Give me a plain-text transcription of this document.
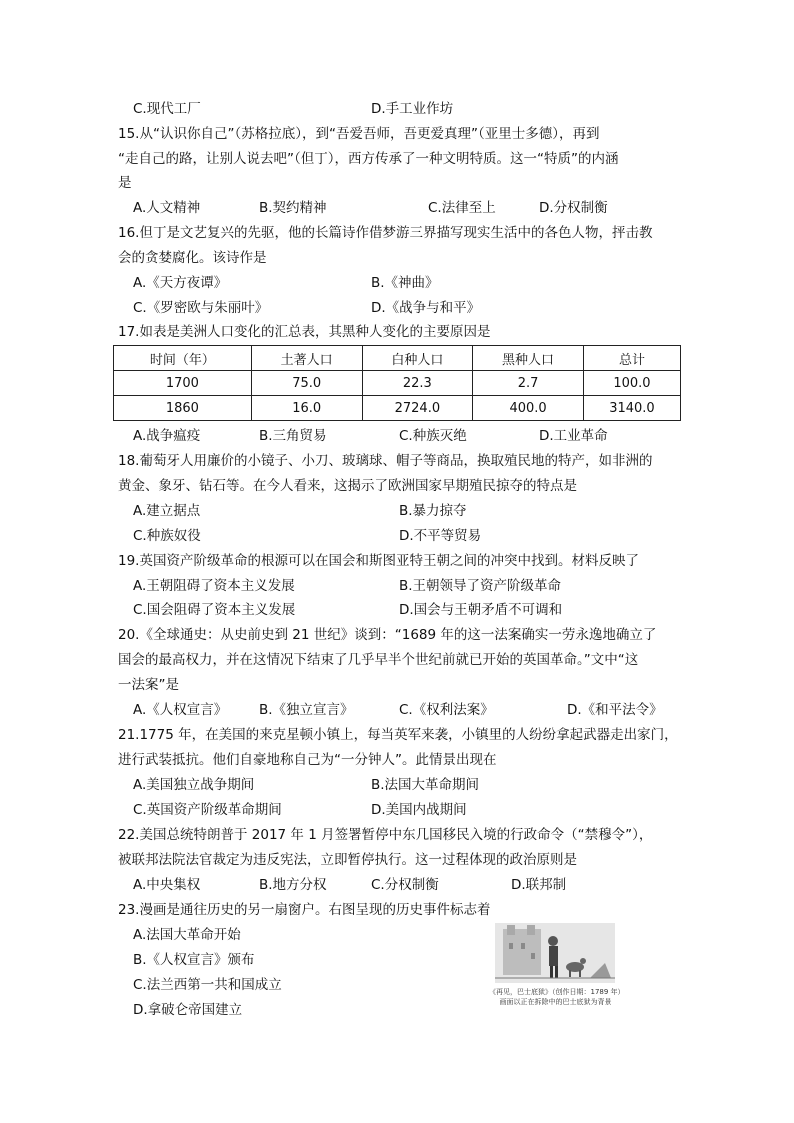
C.现代工厂	D.手工业作坊
15.从“认识你自己”（苏格拉底），到“吾爱吾师，吾更爱真理”（亚里士多德），再到
“走自己的路，让别人说去吧”（但丁），西方传承了一种文明特质。这一“特质”的内涵
是
A.人文精神	B.契约精神	C.法律至上	D.分权制衡
16.但丁是文艺复兴的先驱，他的长篇诗作借梦游三界描写现实生活中的各色人物，抨击教
会的贪婪腐化。该诗作是
A.《天方夜谭》	B.《神曲》
C.《罗密欧与朱丽叶》	D.《战争与和平》
17.如表是美洲人口变化的汇总表，其黑种人变化的主要原因是
时间（年）	土著人口	白种人口	黑种人口	总计
1700	75.0	22.3	2.7	100.0
1860	16.0	2724.0	400.0	3140.0
A.战争瘟疫	B.三角贸易	C.种族灭绝	D.工业革命
18.葡萄牙人用廉价的小镜子、小刀、玻璃球、帽子等商品，换取殖民地的特产，如非洲的
黄金、象牙、钻石等。在今人看来，这揭示了欧洲国家早期殖民掠夺的特点是
A.建立据点	B.暴力掠夺
C.种族奴役	D.不平等贸易
19.英国资产阶级革命的根源可以在国会和斯图亚特王朝之间的冲突中找到。材料反映了
A.王朝阻碍了资本主义发展	B.王朝领导了资产阶级革命
C.国会阻碍了资本主义发展	D.国会与王朝矛盾不可调和
20.《全球通史：从史前史到 21 世纪》谈到：“1689 年的这一法案确实一劳永逸地确立了
国会的最高权力，并在这情况下结束了几乎早半个世纪前就已开始的英国革命。”文中“这
一法案”是
A.《人权宣言》 B.《独立宣言》	C.《权利法案》	D.《和平法令》
21.1775 年，在美国的来克星顿小镇上，每当英军来袭，小镇里的人纷纷拿起武器走出家门，
进行武装抵抗。他们自豪地称自己为“一分钟人”。此情景出现在
A.美国独立战争期间	B.法国大革命期间
C.英国资产阶级革命期间	D.美国内战期间
22.美国总统特朗普于 2017 年 1 月签署暂停中东几国移民入境的行政命令（“禁穆令”），
被联邦法院法官裁定为违反宪法，立即暂停执行。这一过程体现的政治原则是
A.中央集权	B.地方分权	C.分权制衡	D.联邦制
23.漫画是通往历史的另一扇窗户。右图呈现的历史事件标志着
A.法国大革命开始
B.《人权宣言》颁布
C.法兰西第一共和国成立
D.拿破仑帝国建立
《再见，巴士底狱》（创作日期：1789 年）
画面以正在拆除中的巴士底狱为背景
